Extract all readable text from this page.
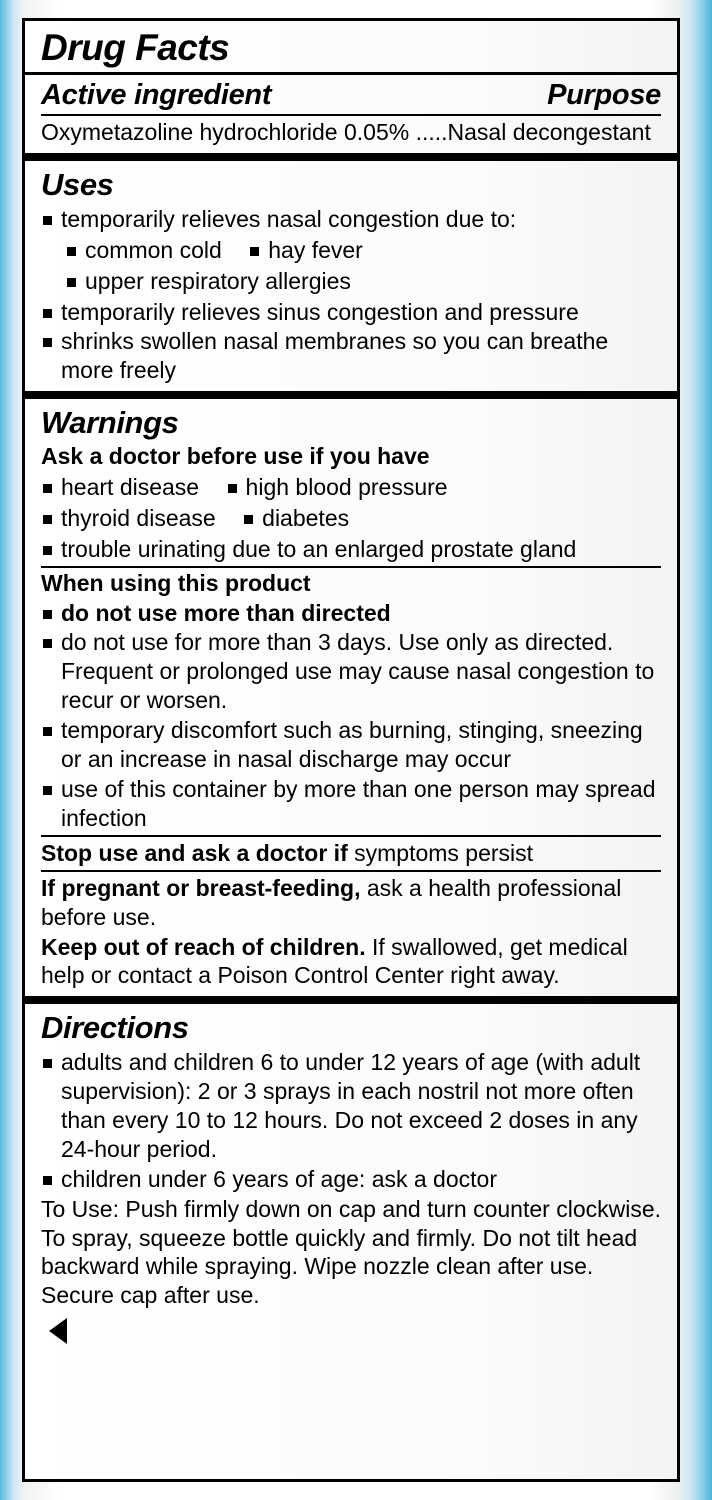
Drug Facts
Active ingredient	Purpose
Oxymetazoline hydrochloride 0.05% .....Nasal decongestant
Uses
temporarily relieves nasal congestion due to:
common cold hay fever
upper respiratory allergies
temporarily relieves sinus congestion and pressure
shrinks swollen nasal membranes so you can breathe more freely
Warnings
Ask a doctor before use if you have
heart disease high blood pressure
thyroid disease diabetes
trouble urinating due to an enlarged prostate gland
When using this product
do not use more than directed
do not use for more than 3 days. Use only as directed. Frequent or prolonged use may cause nasal congestion to recur or worsen.
temporary discomfort such as burning, stinging, sneezing or an increase in nasal discharge may occur
use of this container by more than one person may spread infection
Stop use and ask a doctor if symptoms persist
If pregnant or breast-feeding, ask a health professional before use.
Keep out of reach of children. If swallowed, get medical help or contact a Poison Control Center right away.
Directions
adults and children 6 to under 12 years of age (with adult supervision): 2 or 3 sprays in each nostril not more often than every 10 to 12 hours. Do not exceed 2 doses in any 24-hour period.
children under 6 years of age: ask a doctor
To Use: Push firmly down on cap and turn counter clockwise. To spray, squeeze bottle quickly and firmly. Do not tilt head backward while spraying. Wipe nozzle clean after use. Secure cap after use.
